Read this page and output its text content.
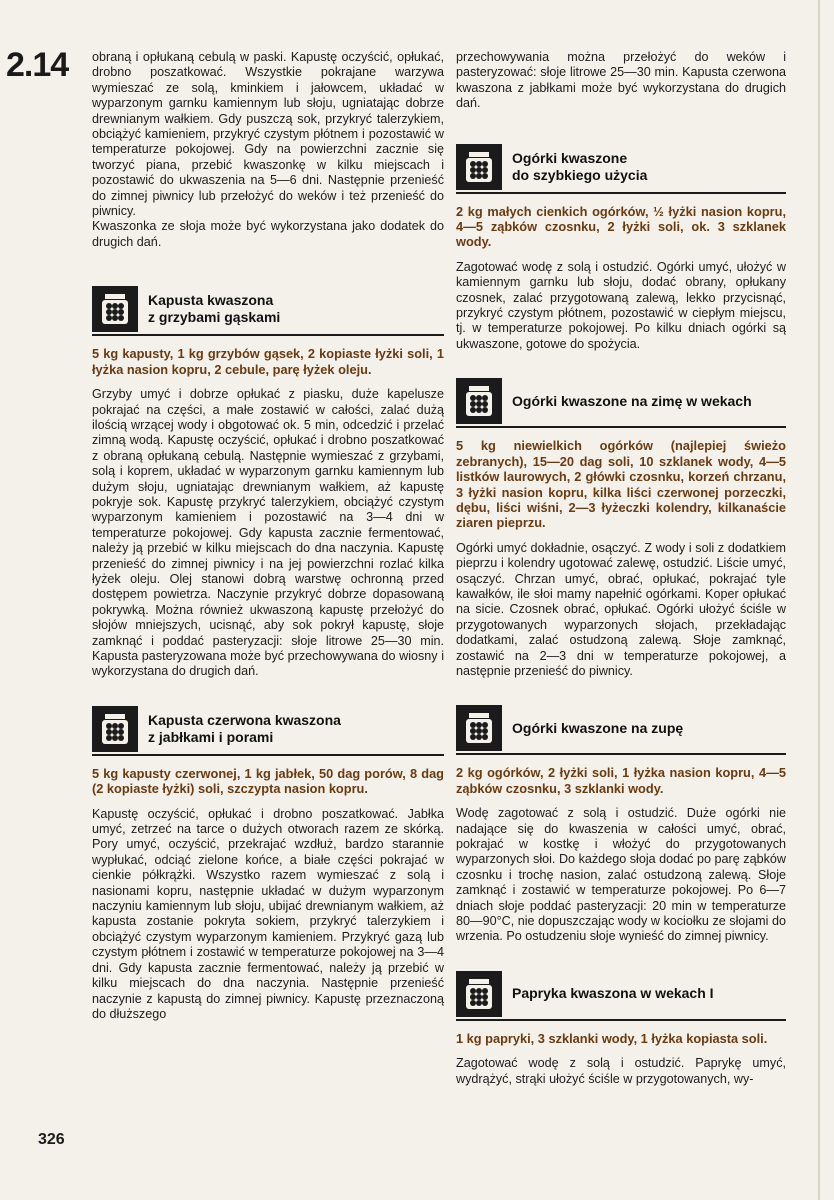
2.14 obraną i opłukaną cebulą w paski. Kapustę oczyścić, opłukać, drobno poszatkować. Wszystkie pokrajane warzywa wymieszać ze solą, kminkiem i jałowcem, układać w wyparzonym garnku kamiennym lub słoju, ugniatając dobrze drewnianym wałkiem. Gdy puszczą sok, przykryć talerzykiem, obciążyć kamieniem, przykryć czystym płótnem i pozostawić w temperaturze pokojowej. Gdy na powierzchni zacznie się tworzyć piana, przebić kwaszonkę w kilku miejscach i pozostawić do ukwaszenia na 5—6 dni. Następnie przenieść do zimnej piwnicy lub przełożyć do weków i też przenieść do piwnicy.

Kwaszonka ze słoja może być wykorzystana jako dodatek do drugich dań.

Kapusta kwaszona
z grzybami gąskami

5 kg kapusty, 1 kg grzybów gąsek, 2 kopiaste łyżki soli, 1 łyżka nasion kopru, 2 cebule, parę łyżek oleju.

Grzyby umyć i dobrze opłukać z piasku, duże kapelusze pokrajać na części, a małe zostawić w całości, zalać dużą ilością wrzącej wody i obgotować ok. 5 min, odcedzić i przelać zimną wodą. Kapustę oczyścić, opłukać i drobno poszatkować z obraną opłukaną cebulą. Następnie wymieszać z grzybami, solą i koprem, układać w wyparzonym garnku kamiennym lub dużym słoju, ugniatając drewnianym wałkiem, aż kapustę pokryje sok. Kapustę przykryć talerzykiem, obciążyć czystym wyparzonym kamieniem i pozostawić na 3—4 dni w temperaturze pokojowej. Gdy kapusta zacznie fermentować, należy ją przebić w kilku miejscach do dna naczynia. Kapustę przenieść do zimnej piwnicy i na jej powierzchni rozlać kilka łyżek oleju. Olej stanowi dobrą warstwę ochronną przed dostępem powietrza. Naczynie przykryć dobrze dopasowaną pokrywką. Można również ukwaszoną kapustę przełożyć do słojów mniejszych, ucisnąć, aby sok pokrył kapustę, słoje zamknąć i poddać pasteryzacji: słoje litrowe 25—30 min. Kapusta pasteryzowana może być przechowywana do wiosny i wykorzystana do drugich dań.

Kapusta czerwona kwaszona
z jabłkami i porami

5 kg kapusty czerwonej, 1 kg jabłek, 50 dag porów, 8 dag (2 kopiaste łyżki) soli, szczypta nasion kopru.

Kapustę oczyścić, opłukać i drobno poszatkować. Jabłka umyć, zetrzeć na tarce o dużych otworach razem ze skórką. Pory umyć, oczyścić, przekrajać wzdłuż, bardzo starannie wypłukać, odciąć zielone końce, a białe części pokrajać w cienkie półkrążki. Wszystko razem wymieszać z solą i nasionami kopru, następnie układać w dużym wyparzonym naczyniu kamiennym lub słoju, ubijać drewnianym wałkiem, aż kapusta zostanie pokryta sokiem, przykryć talerzykiem i obciążyć czystym wyparzonym kamieniem. Przykryć gazą lub czystym płótnem i zostawić w temperaturze pokojowej na 3—4 dni. Gdy kapusta zacznie fermentować, należy ją przebić w kilku miejscach do dna naczynia. Następnie przenieść naczynie z kapustą do zimnej piwnicy. Kapustę przeznaczoną do dłuższego

przechowywania można przełożyć do weków i pasteryzować: słoje litrowe 25—30 min. Kapusta czerwona kwaszona z jabłkami może być wykorzystana do drugich dań.

Ogórki kwaszone
do szybkiego użycia

2 kg małych cienkich ogórków, ½ łyżki nasion kopru, 4—5 ząbków czosnku, 2 łyżki soli, ok. 3 szklanek wody.

Zagotować wodę z solą i ostudzić. Ogórki umyć, ułożyć w kamiennym garnku lub słoju, dodać obrany, opłukany czosnek, zalać przygotowaną zalewą, lekko przycisnąć, przykryć czystym płótnem, pozostawić w ciepłym miejscu, tj. w temperaturze pokojowej. Po kilku dniach ogórki są ukwaszone, gotowe do spożycia.

Ogórki kwaszone na zimę w wekach

5 kg niewielkich ogórków (najlepiej świeżo zebranych), 15—20 dag soli, 10 szklanek wody, 4—5 listków laurowych, 2 główki czosnku, korzeń chrzanu, 3 łyżki nasion kopru, kilka liści czerwonej porzeczki, dębu, liści wiśni, 2—3 łyżeczki kolendry, kilkanaście ziaren pieprzu.

Ogórki umyć dokładnie, osączyć. Z wody i soli z dodatkiem pieprzu i kolendry ugotować zalewę, ostudzić. Liście umyć, osączyć. Chrzan umyć, obrać, opłukać, pokrajać tyle kawałków, ile słoi mamy napełnić ogórkami. Koper opłukać na sicie. Czosnek obrać, opłukać. Ogórki ułożyć ściśle w przygotowanych wyparzonych słojach, przekładając dodatkami, zalać ostudzoną zalewą. Słoje zamknąć, zostawić na 2—3 dni w temperaturze pokojowej, a następnie przenieść do piwnicy.

Ogórki kwaszone na zupę

2 kg ogórków, 2 łyżki soli, 1 łyżka nasion kopru, 4—5 ząbków czosnku, 3 szklanki wody.

Wodę zagotować z solą i ostudzić. Duże ogórki nie nadające się do kwaszenia w całości umyć, obrać, pokrajać w kostkę i włożyć do przygotowanych wyparzonych słoi. Do każdego słoja dodać po parę ząbków czosnku i trochę nasion, zalać ostudzoną zalewą. Słoje zamknąć i zostawić w temperaturze pokojowej. Po 6—7 dniach słoje poddać pasteryzacji: 20 min w temperaturze 80—90°C, nie dopuszczając wody w kociołku ze słojami do wrzenia. Po ostudzeniu słoje wynieść do zimnej piwnicy.

Papryka kwaszona w wekach I

1 kg papryki, 3 szklanki wody, 1 łyżka kopiasta soli.

Zagotować wodę z solą i ostudzić. Paprykę umyć, wydrążyć, strąki ułożyć ściśle w przygotowanych, wy-

326
